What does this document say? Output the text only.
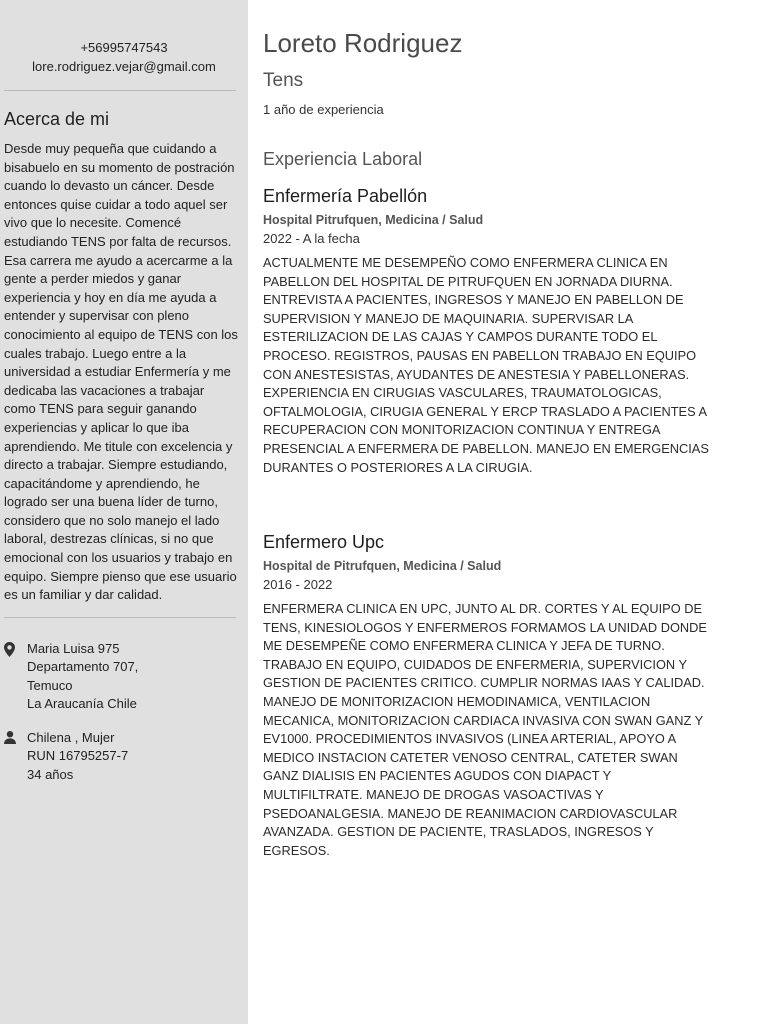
+56995747543
lore.rodriguez.vejar@gmail.com
Acerca de mi
Desde muy pequeña que cuidando a bisabuelo en su momento de postración cuando lo devasto un cáncer. Desde entonces quise cuidar a todo aquel ser vivo que lo necesite. Comencé estudiando TENS por falta de recursos. Esa carrera me ayudo a acercarme a la gente a perder miedos y ganar experiencia y hoy en día me ayuda a entender y supervisar con pleno conocimiento al equipo de TENS con los cuales trabajo. Luego entre a la universidad a estudiar Enfermería y me dedicaba las vacaciones a trabajar como TENS para seguir ganando experiencias y aplicar lo que iba aprendiendo. Me titule con excelencia y directo a trabajar. Siempre estudiando, capacitándome y aprendiendo, he logrado ser una buena líder de turno, considero que no solo manejo el lado laboral, destrezas clínicas, si no que emocional con los usuarios y trabajo en equipo. Siempre pienso que ese usuario es un familiar y dar calidad.
Maria Luisa 975
Departamento 707,
Temuco
La Araucanía Chile
Chilena , Mujer
RUN 16795257-7
34 años
Loreto Rodriguez
Tens
1 año de experiencia
Experiencia Laboral
Enfermería Pabellón
Hospital Pitrufquen, Medicina / Salud
2022 - A la fecha
ACTUALMENTE ME DESEMPEÑO COMO ENFERMERA CLINICA EN PABELLON DEL HOSPITAL DE PITRUFQUEN EN JORNADA DIURNA. ENTREVISTA A PACIENTES, INGRESOS Y MANEJO EN PABELLON DE SUPERVISION Y MANEJO DE MAQUINARIA. SUPERVISAR LA ESTERILIZACION DE LAS CAJAS Y CAMPOS DURANTE TODO EL PROCESO. REGISTROS, PAUSAS EN PABELLON TRABAJO EN EQUIPO CON ANESTESISTAS, AYUDANTES DE ANESTESIA Y PABELLONERAS. EXPERIENCIA EN CIRUGIAS VASCULARES, TRAUMATOLOGICAS, OFTALMOLOGIA, CIRUGIA GENERAL Y ERCP TRASLADO A PACIENTES A RECUPERACION CON MONITORIZACION CONTINUA Y ENTREGA PRESENCIAL A ENFERMERA DE PABELLON. MANEJO EN EMERGENCIAS DURANTES O POSTERIORES A LA CIRUGIA.
Enfermero Upc
Hospital de Pitrufquen, Medicina / Salud
2016 - 2022
ENFERMERA CLINICA EN UPC, JUNTO AL DR. CORTES Y AL EQUIPO DE TENS, KINESIOLOGOS Y ENFERMEROS FORMAMOS LA UNIDAD DONDE ME DESEMPEÑE COMO ENFERMERA CLINICA Y JEFA DE TURNO. TRABAJO EN EQUIPO, CUIDADOS DE ENFERMERIA, SUPERVICION Y GESTION DE PACIENTES CRITICO. CUMPLIR NORMAS IAAS Y CALIDAD. MANEJO DE MONITORIZACION HEMODINAMICA, VENTILACION MECANICA, MONITORIZACION CARDIACA INVASIVA CON SWAN GANZ Y EV1000. PROCEDIMIENTOS INVASIVOS (LINEA ARTERIAL, APOYO A MEDICO INSTACION CATETER VENOSO CENTRAL, CATETER SWAN GANZ DIALISIS EN PACIENTES AGUDOS CON DIAPACT Y MULTIFILTRATE. MANEJO DE DROGAS VASOACTIVAS Y PSEDOANALGESIA. MANEJO DE REANIMACION CARDIOVASCULAR AVANZADA. GESTION DE PACIENTE, TRASLADOS, INGRESOS Y EGRESOS.
